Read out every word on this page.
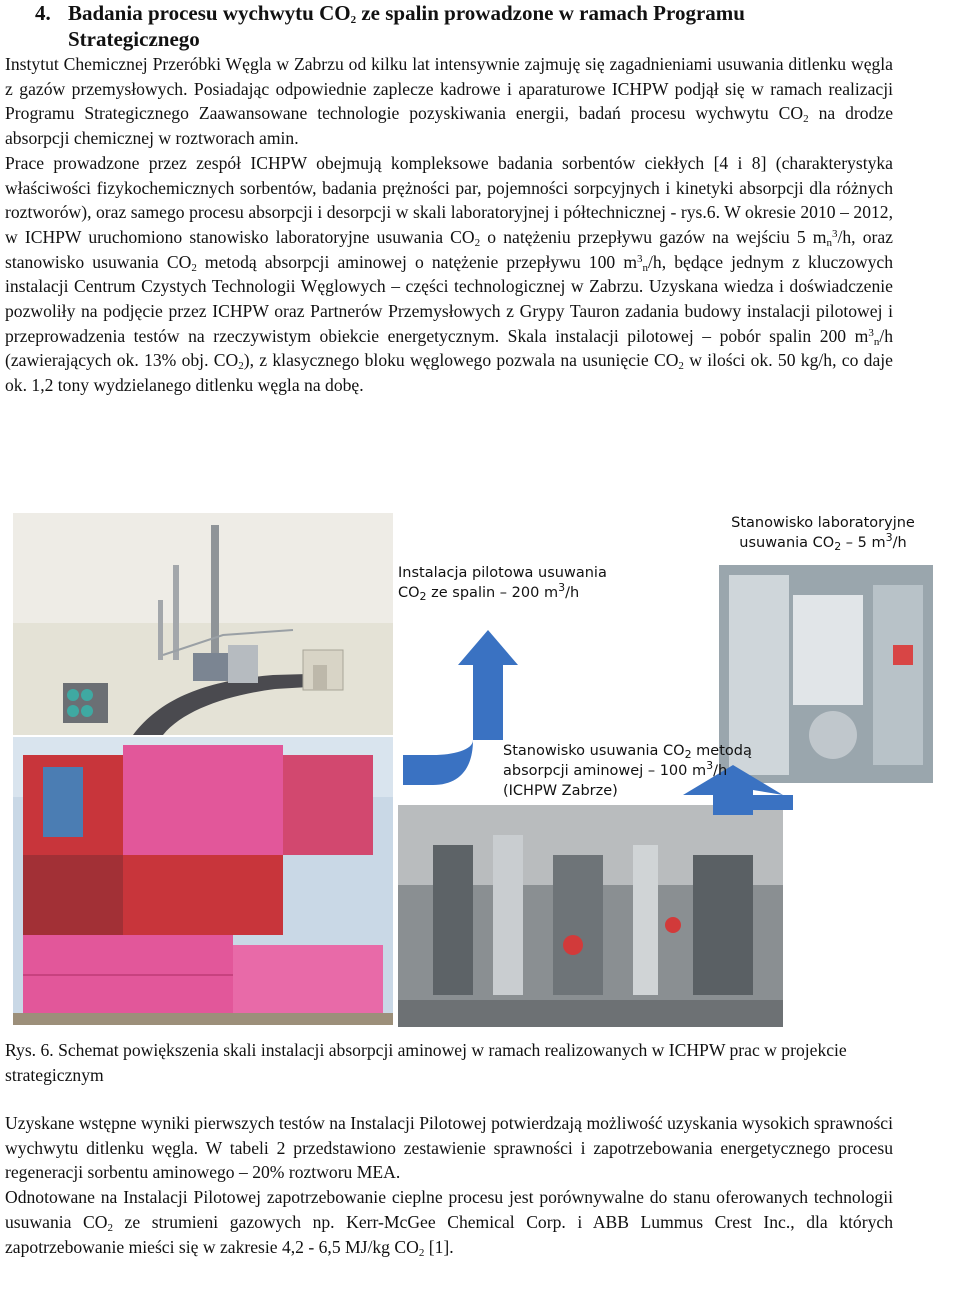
4. Badania procesu wychwytu $CO_2$ ze spalin prowadzone w ramach Programu
Strategicznego

Instytut Chemicznej Przeróbki Węgla w Zabrzu od kilku lat intensywnie zajmuję się zagadnieniami usuwania ditlenku węgla z gazów przemysłowych. Posiadając odpowiednie zaplecze kadrowe i aparaturowe ICHPW podjął się w ramach realizacji Programu Strategicznego Zaawansowane technologie pozyskiwania energii, badań procesu wychwytu $CO_2$ na drodze absorpcji chemicznej w roztworach amin.

Prace prowadzone przez zespół ICHPW obejmują kompleksowe badania sorbentów ciekłych [4 i 8] (charakterystyka właściwości fizykochemicznych sorbentów, badania prężności par, pojemności sorpcyjnych i kinetyki absorpcji dla różnych roztworów), oraz samego procesu absorpcji i desorpcji w skali laboratoryjnej i półtechnicznej - rys.6. W okresie 2010 – 2012, w ICHPW uruchomiono stanowisko laboratoryjne usuwania $CO_2$ o natężeniu przepływu gazów na wejściu 5 $m_n^3/h$, oraz stanowisko usuwania $CO_2$ metodą absorpcji aminowej o natężenie przepływu 100 $m^3_n/h$, będące jednym z kluczowych instalacji Centrum Czystych Technologii Węglowych – części technologicznej w Zabrzu. Uzyskana wiedza i doświadczenie pozwoliły na podjęcie przez ICHPW oraz Partnerów Przemysłowych z Grypy Tauron zadania budowy instalacji pilotowej i przeprowadzenia testów na rzeczywistym obiekcie energetycznym. Skala instalacji pilotowej – pobór spalin 200 $m^3_n/h$ (zawierających ok. 13% obj. $CO_2$), z klasycznego bloku węglowego pozwala na usunięcie $CO_2$ w ilości ok. 50 kg/h, co daje ok. 1,2 tony wydzielanego ditlenku węgla na dobę.

Stanowisko laboratoryjne
usuwania $CO_2 - 5$ $m^3/h$
Instalacja pilotowa usuwania
$CO_2$ ze spalin – 200 $m^3/h$
Stanowisko usuwania $CO_2$ metodą
absorpcji aminowej – 100 $m^3/h$
(ICHPW Zabrze)

Rys. 6. Schemat powiększenia skali instalacji absorpcji aminowej w ramach realizowanych w ICHPW prac w projekcie strategicznym

Uzyskane wstępne wyniki pierwszych testów na Instalacji Pilotowej potwierdzają możliwość uzyskania wysokich sprawności wychwytu ditlenku węgla. W tabeli 2 przedstawiono zestawienie sprawności i zapotrzebowania energetycznego procesu regeneracji sorbentu aminowego – 20% roztworu MEA.

Odnotowane na Instalacji Pilotowej zapotrzebowanie cieplne procesu jest porównywalne do stanu oferowanych technologii usuwania $CO_2$ ze strumieni gazowych np. Kerr-McGee Chemical Corp. i ABB Lummus Crest Inc., dla których zapotrzebowanie mieści się w zakresie 4,2 - 6,5 MJ/kg $CO_2$ [1].
